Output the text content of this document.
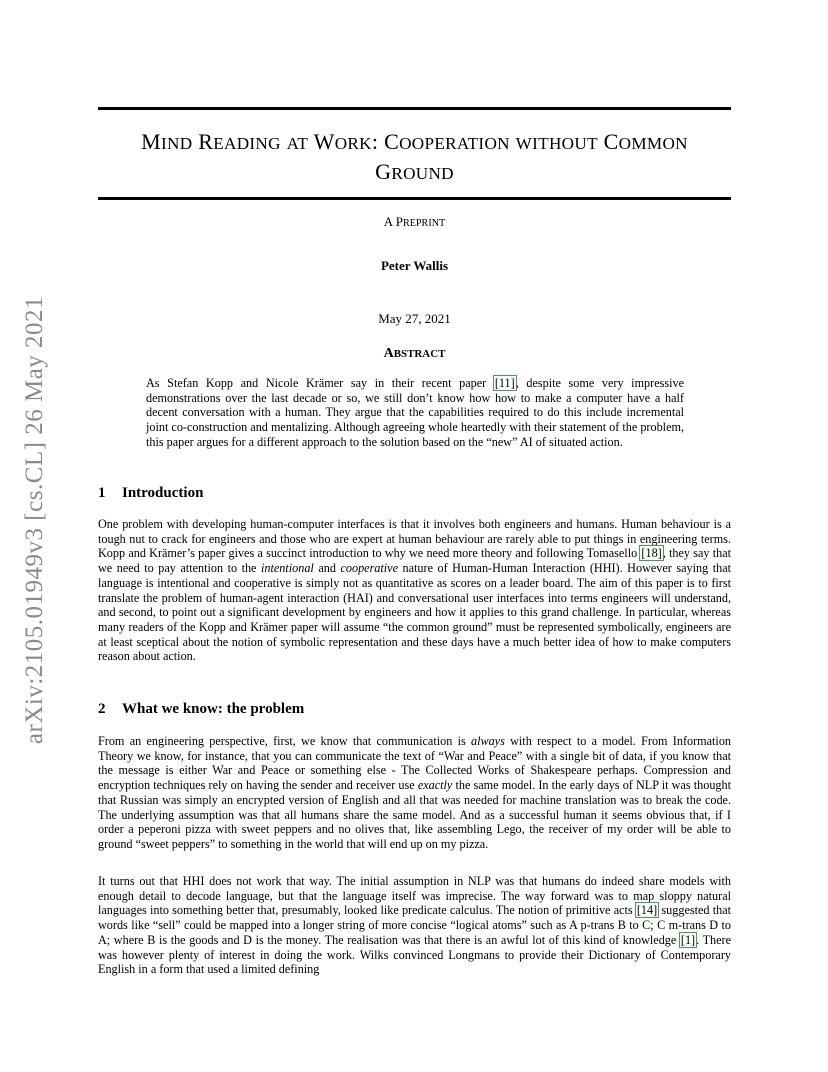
arXiv:2105.01949v3 [cs.CL] 26 May 2021
MIND READING AT WORK: COOPERATION WITHOUT COMMON
GROUND
A PREPRINT
Peter Wallis
May 27, 2021
ABSTRACT
As Stefan Kopp and Nicole Krämer say in their recent paper [11], despite some very impressive demonstrations over the last decade or so, we still don’t know how how to make a computer have a half decent conversation with a human. They argue that the capabilities required to do this include incremental joint co-construction and mentalizing. Although agreeing whole heartedly with their statement of the problem, this paper argues for a different approach to the solution based on the “new” AI of situated action.
1 Introduction
One problem with developing human-computer interfaces is that it involves both engineers and humans. Human behaviour is a tough nut to crack for engineers and those who are expert at human behaviour are rarely able to put things in engineering terms. Kopp and Krämer’s paper gives a succinct introduction to why we need more theory and following Tomasello [18], they say that we need to pay attention to the intentional and cooperative nature of Human-Human Interaction (HHI). However saying that language is intentional and cooperative is simply not as quantitative as scores on a leader board. The aim of this paper is to first translate the problem of human-agent interaction (HAI) and conversational user interfaces into terms engineers will understand, and second, to point out a significant development by engineers and how it applies to this grand challenge. In particular, whereas many readers of the Kopp and Krämer paper will assume “the common ground” must be represented symbolically, engineers are at least sceptical about the notion of symbolic representation and these days have a much better idea of how to make computers reason about action.
2 What we know: the problem
From an engineering perspective, first, we know that communication is always with respect to a model. From Information Theory we know, for instance, that you can communicate the text of “War and Peace” with a single bit of data, if you know that the message is either War and Peace or something else - The Collected Works of Shakespeare perhaps. Compression and encryption techniques rely on having the sender and receiver use exactly the same model. In the early days of NLP it was thought that Russian was simply an encrypted version of English and all that was needed for machine translation was to break the code. The underlying assumption was that all humans share the same model. And as a successful human it seems obvious that, if I order a peperoni pizza with sweet peppers and no olives that, like assembling Lego, the receiver of my order will be able to ground “sweet peppers” to something in the world that will end up on my pizza.
It turns out that HHI does not work that way. The initial assumption in NLP was that humans do indeed share models with enough detail to decode language, but that the language itself was imprecise. The way forward was to map sloppy natural languages into something better that, presumably, looked like predicate calculus. The notion of primitive acts [14] suggested that words like “sell” could be mapped into a longer string of more concise “logical atoms” such as A p-trans B to C; C m-trans D to A; where B is the goods and D is the money. The realisation was that there is an awful lot of this kind of knowledge [1]. There was however plenty of interest in doing the work. Wilks convinced Longmans to provide their Dictionary of Contemporary English in a form that used a limited defining
